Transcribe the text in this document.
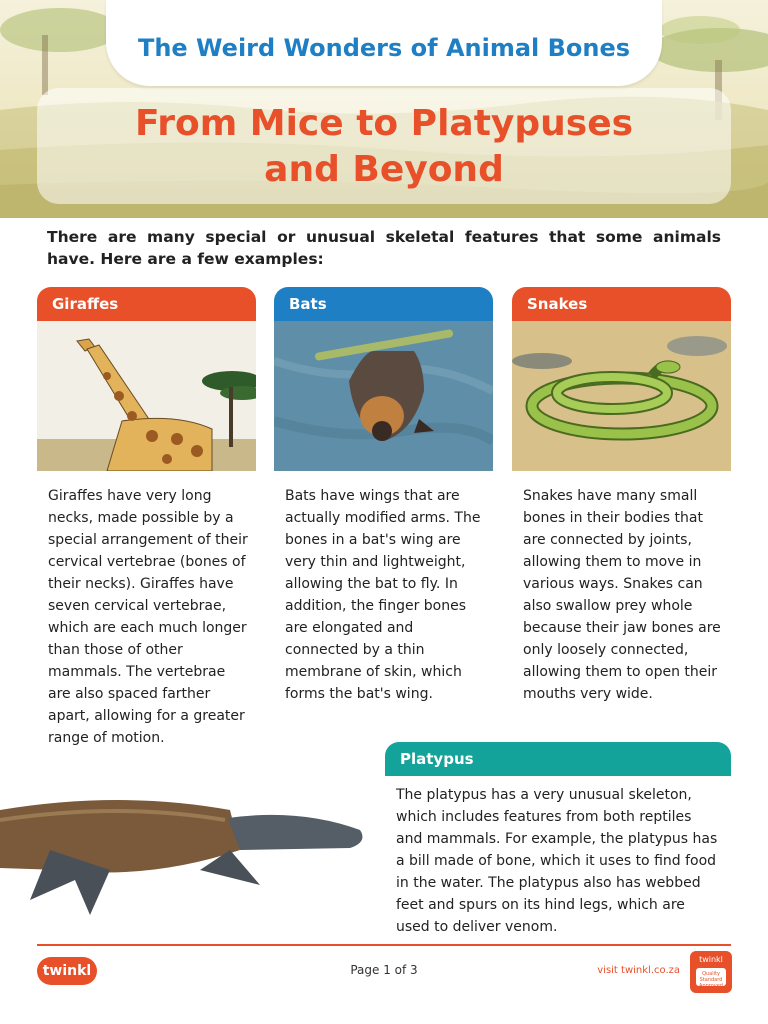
The Weird Wonders of Animal Bones
From Mice to Platypuses
and Beyond
There are many special or unusual skeletal features that some animals have. Here are a few examples:
Giraffes
Giraffes have very long necks, made possible by a special arrangement of their cervical vertebrae (bones of their necks). Giraffes have seven cervical vertebrae, which are each much longer than those of other mammals. The vertebrae are also spaced farther apart, allowing for a greater range of motion.
Bats
Bats have wings that are actually modified arms. The bones in a bat's wing are very thin and lightweight, allowing the bat to fly. In addition, the finger bones are elongated and connected by a thin membrane of skin, which forms the bat's wing.
Snakes
Snakes have many small bones in their bodies that are connected by joints, allowing them to move in various ways. Snakes can also swallow prey whole because their jaw bones are only loosely connected, allowing them to open their mouths very wide.
Platypus
The platypus has a very unusual skeleton, which includes features from both reptiles and mammals. For example, the platypus has a bill made of bone, which it uses to find food in the water. The platypus also has webbed feet and spurs on its hind legs, which are used to deliver venom.
twinkl	Page 1 of 3	visit twinkl.co.za
twinkl
Quality Standard Approved
